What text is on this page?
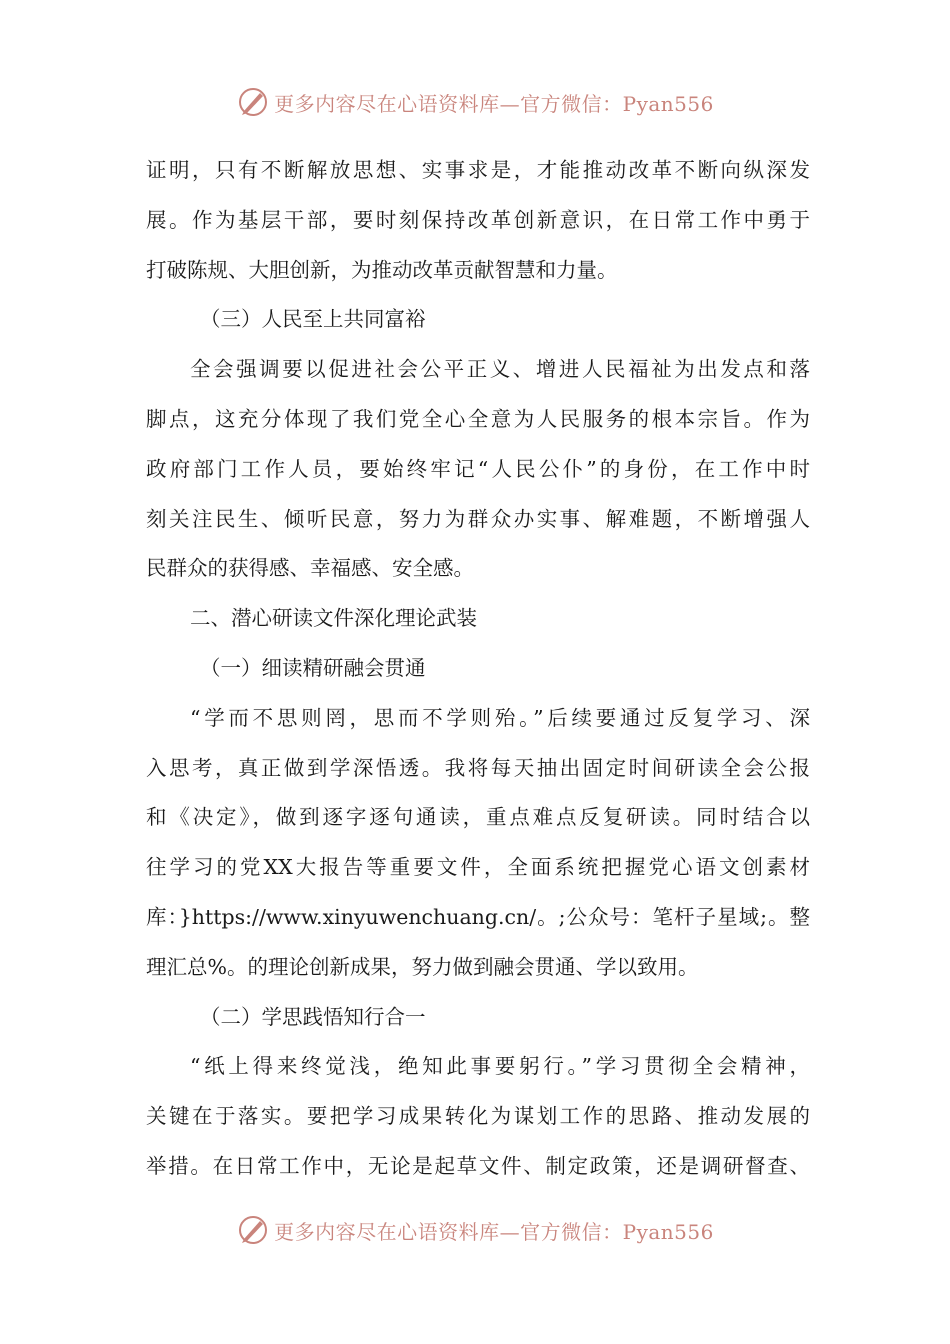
更多内容尽在心语资料库—官方微信：Pyan556
证明，只有不断解放思想、实事求是，才能推动改革不断向纵深发
展。作为基层干部，要时刻保持改革创新意识，在日常工作中勇于
打破陈规、大胆创新，为推动改革贡献智慧和力量。
（三）人民至上共同富裕
全会强调要以促进社会公平正义、增进人民福祉为出发点和落
脚点，这充分体现了我们党全心全意为人民服务的根本宗旨。作为
政府部门工作人员，要始终牢记“人民公仆”的身份，在工作中时
刻关注民生、倾听民意，努力为群众办实事、解难题，不断增强人
民群众的获得感、幸福感、安全感。
二、潜心研读文件深化理论武装
（一）细读精研融会贯通
“学而不思则罔，思而不学则殆。”后续要通过反复学习、深
入思考，真正做到学深悟透。我将每天抽出固定时间研读全会公报
和《决定》，做到逐字逐句通读，重点难点反复研读。同时结合以
往学习的党XX大报告等重要文件，全面系统把握党心语文创素材
库：}https://www.xinyuwenchuang.cn/。;公众号：笔杆子星域;。整
理汇总%。的理论创新成果，努力做到融会贯通、学以致用。
（二）学思践悟知行合一
“纸上得来终觉浅，绝知此事要躬行。”学习贯彻全会精神，
关键在于落实。要把学习成果转化为谋划工作的思路、推动发展的
举措。在日常工作中，无论是起草文件、制定政策，还是调研督查、
更多内容尽在心语资料库—官方微信：Pyan556
